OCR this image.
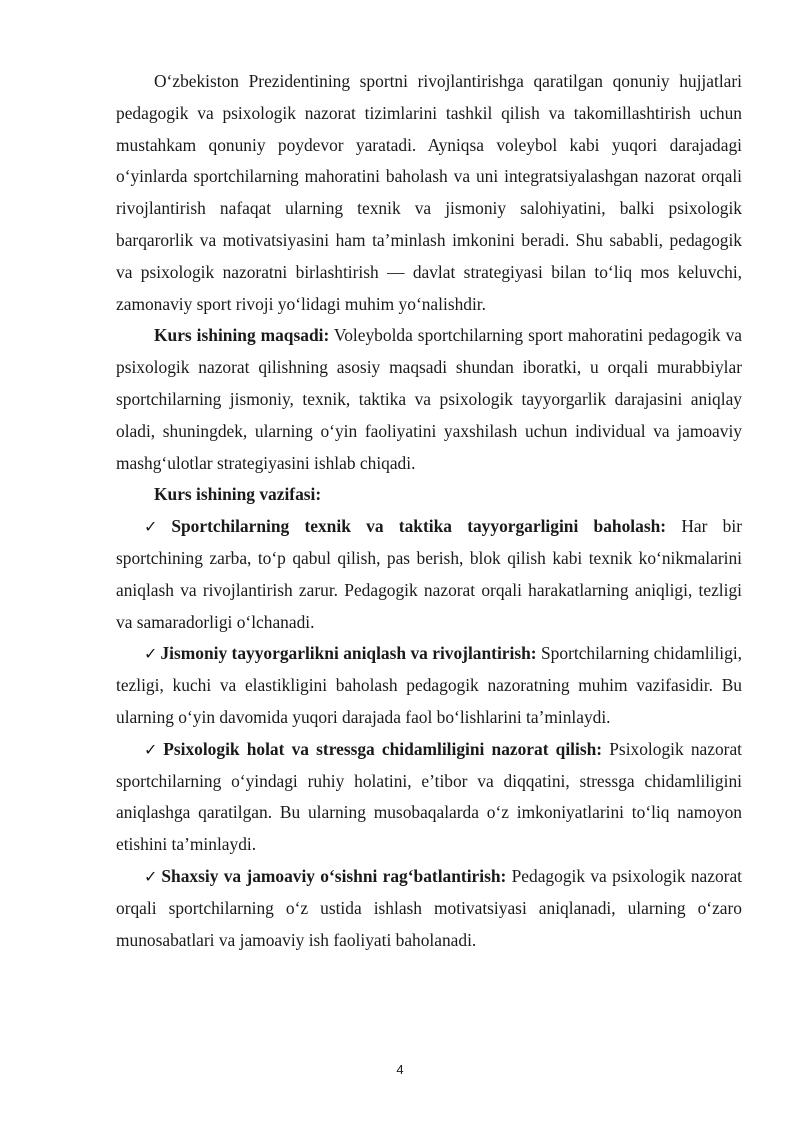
O‘zbekiston Prezidentining sportni rivojlantirishga qaratilgan qonuniy hujjatlari pedagogik va psixologik nazorat tizimlarini tashkil qilish va takomillashtirish uchun mustahkam qonuniy poydevor yaratadi. Ayniqsa voleybol kabi yuqori darajadagi o‘yinlarda sportchilarning mahoratini baholash va uni integratsiyalashgan nazorat orqali rivojlantirish nafaqat ularning texnik va jismoniy salohiyatini, balki psixologik barqarorlik va motivatsiyasini ham ta’minlash imkonini beradi. Shu sababli, pedagogik va psixologik nazoratni birlashtirish — davlat strategiyasi bilan to‘liq mos keluvchi, zamonaviy sport rivoji yo‘lidagi muhim yo‘nalishdir.

Kurs ishining maqsadi: Voleybolda sportchilarning sport mahoratini pedagogik va psixologik nazorat qilishning asosiy maqsadi shundan iboratki, u orqali murabbiylar sportchilarning jismoniy, texnik, taktika va psixologik tayyorgarlik darajasini aniqlay oladi, shuningdek, ularning o‘yin faoliyatini yaxshilash uchun individual va jamoaviy mashg‘ulotlar strategiyasini ishlab chiqadi.

Kurs ishining vazifasi:

✓ Sportchilarning texnik va taktika tayyorgarligini baholash: Har bir sportchining zarba, to‘p qabul qilish, pas berish, blok qilish kabi texnik ko‘nikmalarini aniqlash va rivojlantirish zarur. Pedagogik nazorat orqali harakatlarning aniqligi, tezligi va samaradorligi o‘lchanadi.

✓ Jismoniy tayyorgarlikni aniqlash va rivojlantirish: Sportchilarning chidamliligi, tezligi, kuchi va elastikligini baholash pedagogik nazoratning muhim vazifasidir. Bu ularning o‘yin davomida yuqori darajada faol bo‘lishlarini ta’minlaydi.

✓ Psixologik holat va stressga chidamliligini nazorat qilish: Psixologik nazorat sportchilarning o‘yindagi ruhiy holatini, e’tibor va diqqatini, stressga chidamliligini aniqlashga qaratilgan. Bu ularning musobaqalarda o‘z imkoniyatlarini to‘liq namoyon etishini ta’minlaydi.

✓ Shaxsiy va jamoaviy o‘sishni rag‘batlantirish: Pedagogik va psixologik nazorat orqali sportchilarning o‘z ustida ishlash motivatsiyasi aniqlanadi, ularning o‘zaro munosabatlari va jamoaviy ish faoliyati baholanadi.

4
